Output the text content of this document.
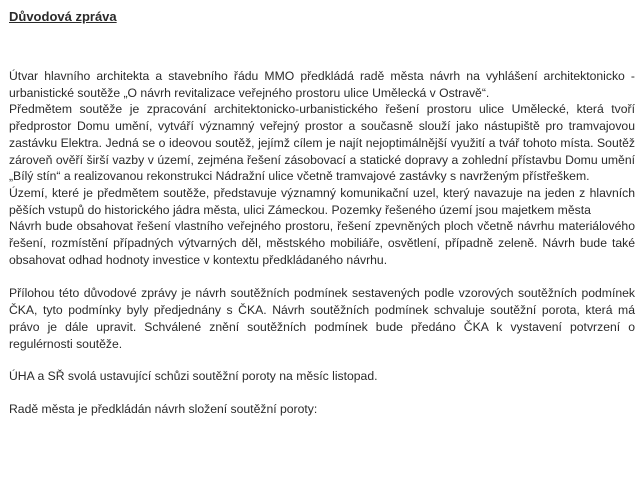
Důvodová zpráva

Útvar hlavního architekta a stavebního řádu MMO předkládá radě města návrh na vyhlášení architektonicko - urbanistické soutěže „O návrh revitalizace veřejného prostoru ulice Umělecká v Ostravě“.

Předmětem soutěže je zpracování architektonicko-urbanistického řešení prostoru ulice Umělecké, která tvoří předprostor Domu umění, vytváří významný veřejný prostor a současně slouží jako nástupiště pro tramvajovou zastávku Elektra. Jedná se o ideovou soutěž, jejímž cílem je najít nejoptimálnější využití a tvář tohoto místa. Soutěž zároveň ověří širší vazby v území, zejména řešení zásobovací a statické dopravy a zohlední přístavbu Domu umění „Bílý stín“ a realizovanou rekonstrukci Nádražní ulice včetně tramvajové zastávky s navrženým přístřeškem.

Území, které je předmětem soutěže, představuje významný komunikační uzel, který navazuje na jeden z hlavních pěších vstupů do historického jádra města, ulici Zámeckou. Pozemky řešeného území jsou majetkem města

Návrh bude obsahovat řešení vlastního veřejného prostoru, řešení zpevněných ploch včetně návrhu materiálového řešení, rozmístění případných výtvarných děl, městského mobiliáře, osvětlení, případně zeleně. Návrh bude také obsahovat odhad hodnoty investice v kontextu předkládaného návrhu.

Přílohou této důvodové zprávy je návrh soutěžních podmínek sestavených podle vzorových soutěžních podmínek ČKA, tyto podmínky byly předjednány s ČKA. Návrh soutěžních podmínek schvaluje soutěžní porota, která má právo je dále upravit. Schválené znění soutěžních podmínek bude předáno ČKA k vystavení potvrzení o regulérnosti soutěže.

ÚHA a SŘ svolá ustavující schůzi soutěžní poroty na měsíc listopad.

Radě města je předkládán návrh složení soutěžní poroty:
